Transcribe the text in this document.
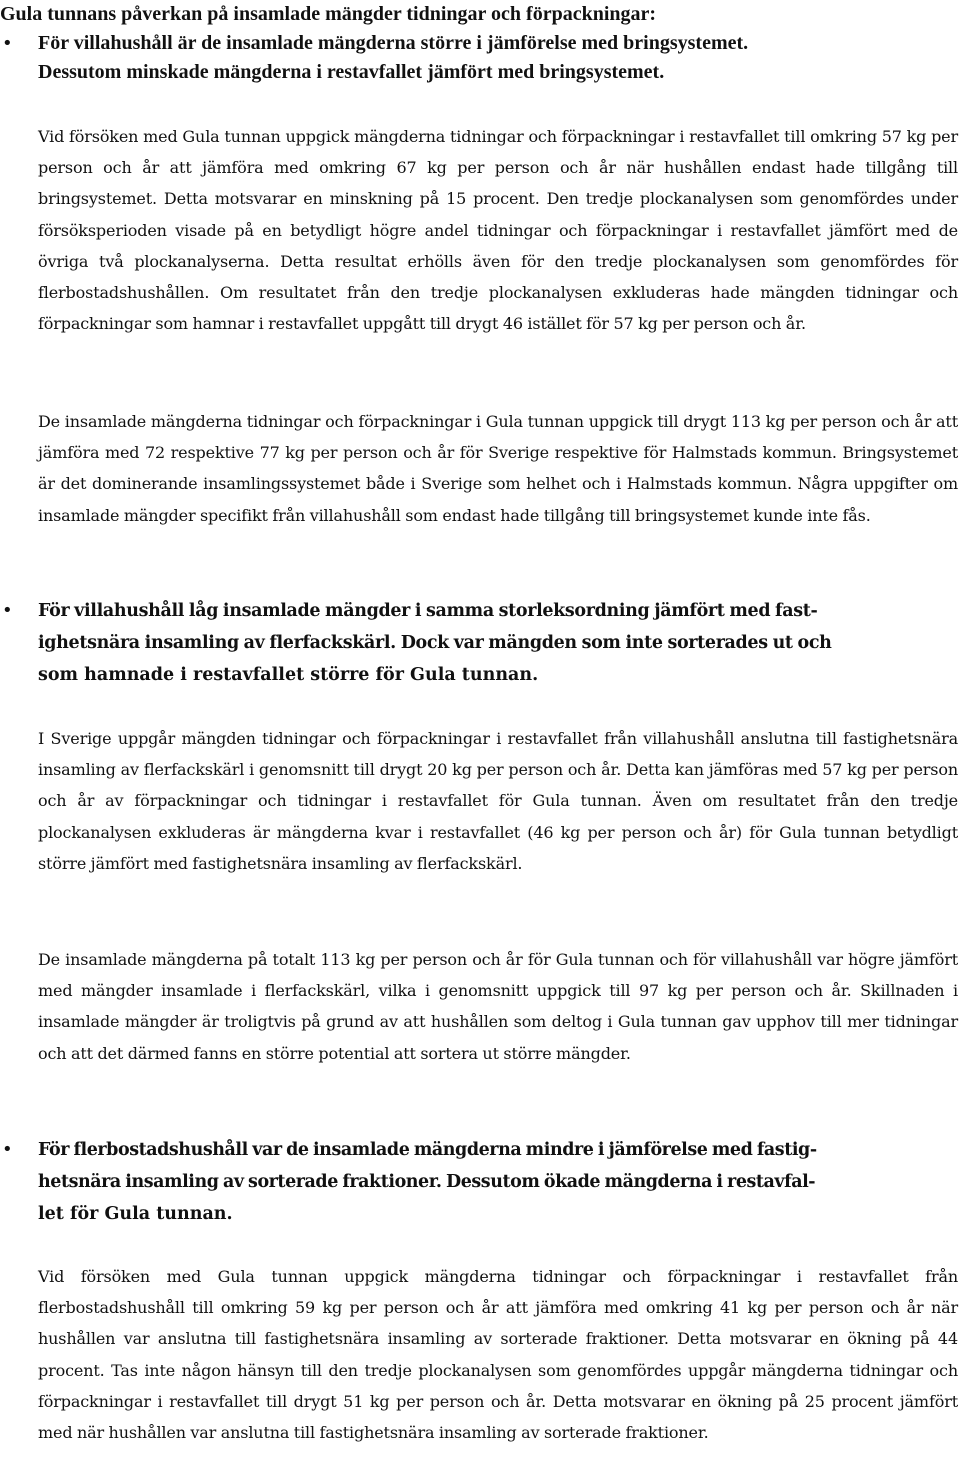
Gula tunnans påverkan på insamlade mängder tidningar och förpackningar:
• För villahushåll är de insamlade mängderna större i jämförelse med bringsystemet.
Dessutom minskade mängderna i restavfallet jämfört med bringsystemet.

Vid försöken med Gula tunnan uppgick mängderna tidningar och förpackningar i restavfallet till omkring 57 kg per person och år att jämföra med omkring 67 kg per person och år när hushållen endast hade tillgång till bringsystemet. Detta motsvarar en minskning på 15 procent. Den tredje plockanalysen som genomfördes under försöksperioden visade på en betydligt högre andel tidningar och förpackningar i restavfallet jämfört med de övriga två plockanalyserna. Detta resultat erhölls även för den tredje plockanalysen som genomfördes för flerbostadshushållen. Om resultatet från den tredje plockanalysen exkluderas hade mängden tidningar och förpackningar som hamnar i restavfallet uppgått till drygt 46 istället för 57 kg per person och år.

De insamlade mängderna tidningar och förpackningar i Gula tunnan uppgick till drygt 113 kg per person och år att jämföra med 72 respektive 77 kg per person och år för Sverige respektive för Halmstads kommun. Bringsystemet är det dominerande insamlingssystemet både i Sverige som helhet och i Halmstads kommun. Några uppgifter om insamlade mängder specifikt från villahushåll som endast hade tillgång till bringsystemet kunde inte fås.

• För villahushåll låg insamlade mängder i samma storleksordning jämfört med fast-
ighetsnära insamling av flerfackskärl. Dock var mängden som inte sorterades ut och
som hamnade i restavfallet större för Gula tunnan.

I Sverige uppgår mängden tidningar och förpackningar i restavfallet från villahushåll anslutna till fastighetsnära insamling av flerfackskärl i genomsnitt till drygt 20 kg per person och år. Detta kan jämföras med 57 kg per person och år av förpackningar och tidningar i restavfallet för Gula tunnan. Även om resultatet från den tredje plockanalysen exkluderas är mängderna kvar i restavfallet (46 kg per person och år) för Gula tunnan betydligt större jämfört med fastighetsnära insamling av flerfackskärl.

De insamlade mängderna på totalt 113 kg per person och år för Gula tunnan och för villahushåll var högre jämfört med mängder insamlade i flerfackskärl, vilka i genomsnitt uppgick till 97 kg per person och år. Skillnaden i insamlade mängder är troligtvis på grund av att hushållen som deltog i Gula tunnan gav upphov till mer tidningar och att det därmed fanns en större potential att sortera ut större mängder.

• För flerbostadshushåll var de insamlade mängderna mindre i jämförelse med fastig-
hetsnära insamling av sorterade fraktioner. Dessutom ökade mängderna i restavfal-
let för Gula tunnan.

Vid försöken med Gula tunnan uppgick mängderna tidningar och förpackningar i restavfallet från flerbostadshushåll till omkring 59 kg per person och år att jämföra med omkring 41 kg per person och år när hushållen var anslutna till fastighetsnära insamling av sorterade fraktioner. Detta motsvarar en ökning på 44 procent. Tas inte någon hänsyn till den tredje plockanalysen som genomfördes uppgår mängderna tidningar och förpackningar i restavfallet till drygt 51 kg per person och år. Detta motsvarar en ökning på 25 procent jämfört med när hushållen var anslutna till fastighetsnära insamling av sorterade fraktioner.
